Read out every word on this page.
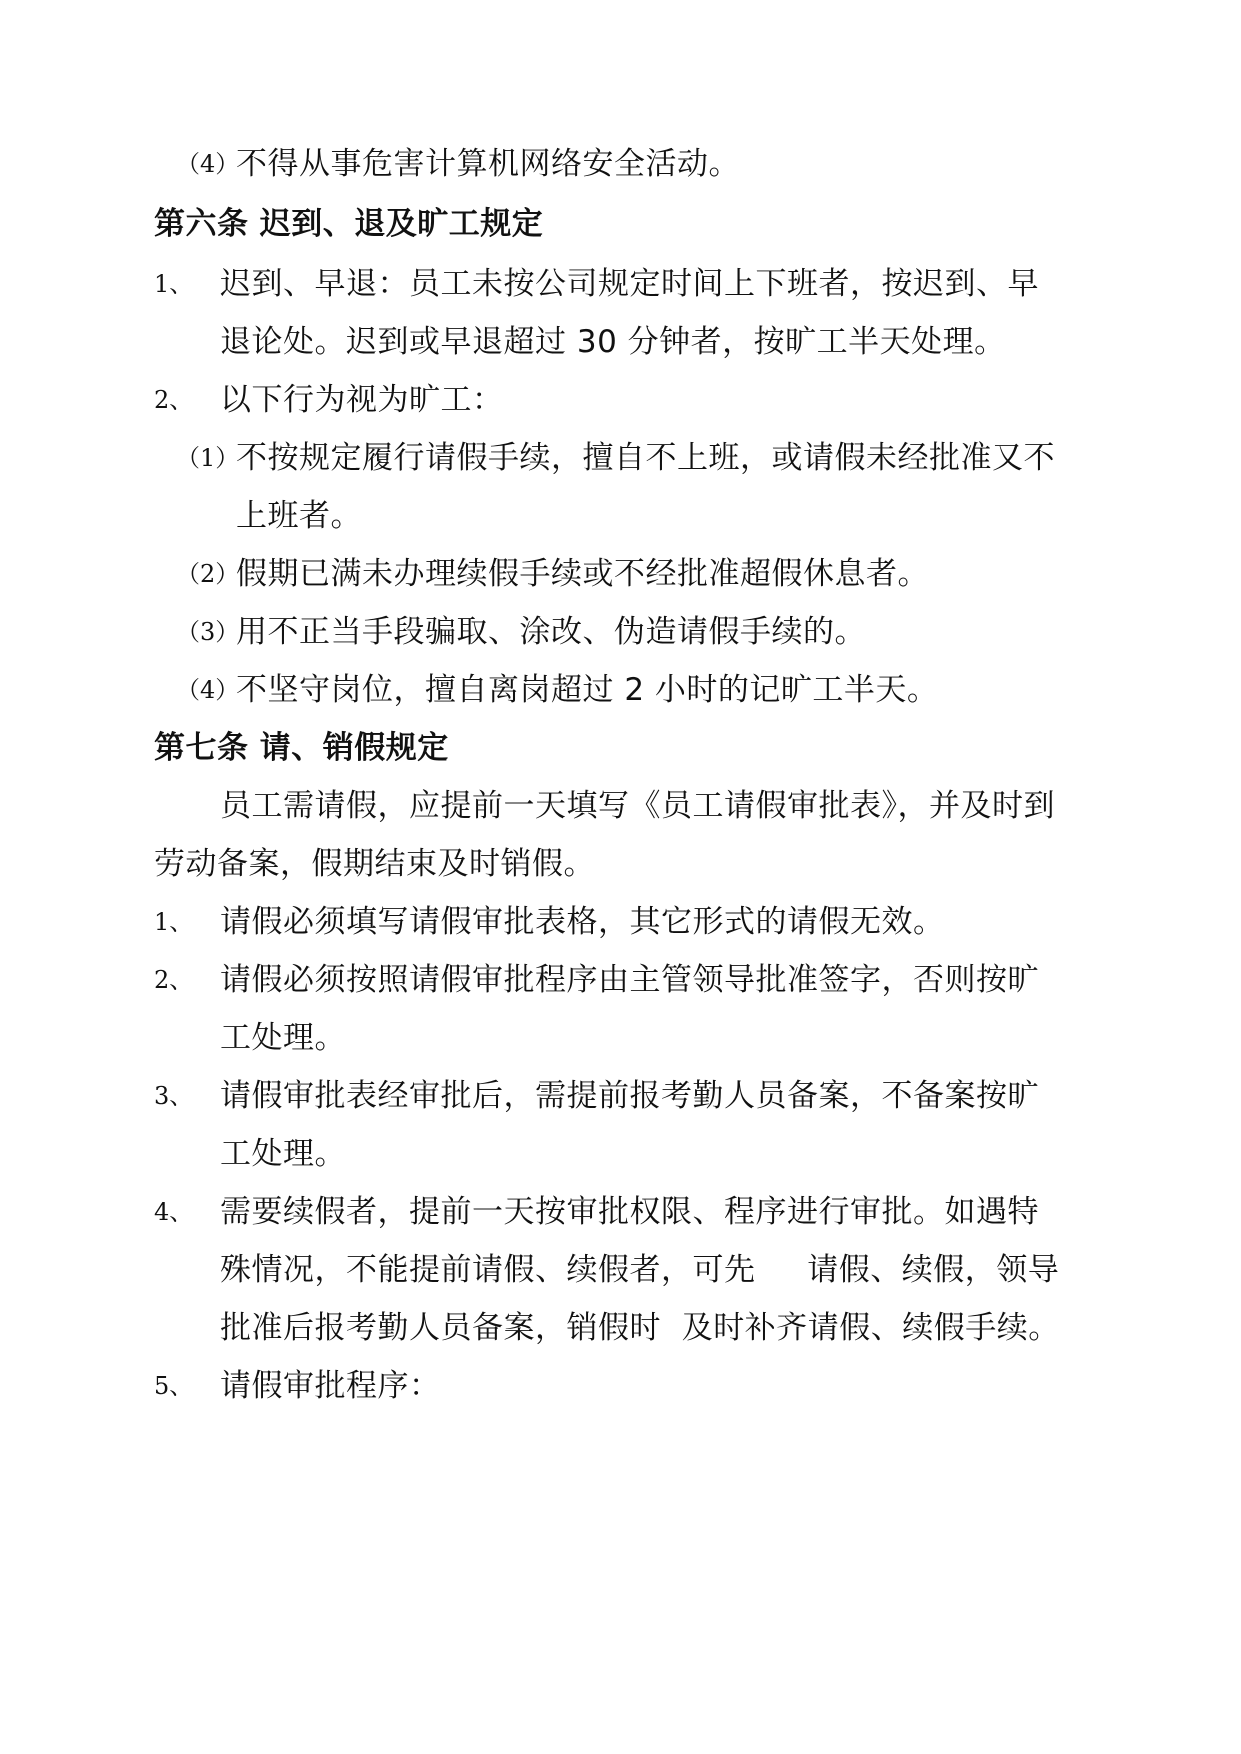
（4）
不得从事危害计算机网络安全活动。
第六条 迟到、退及旷工规定
1、 迟到、早退：员工未按公司规定时间上下班者，按迟到、早
退论处。迟到或早退超过 30 分钟者，按旷工半天处理。
2、 以下行为视为旷工：
（1）
不按规定履行请假手续，擅自不上班，或请假未经批准又不
上班者。
（2）
假期已满未办理续假手续或不经批准超假休息者。
（3）
用不正当手段骗取、涂改、伪造请假手续的。
（4）
不坚守岗位，擅自离岗超过 2 小时的记旷工半天。
第七条 请、销假规定
员工需请假，应提前一天填写《员工请假审批表》，并及时到
劳动备案，假期结束及时销假。
1、 请假必须填写请假审批表格，其它形式的请假无效。
2、 请假必须按照请假审批程序由主管领导批准签字，否则按旷
工处理。
3、 请假审批表经审批后，需提前报考勤人员备案，不备案按旷
工处理。
4、 需要续假者，提前一天按审批权限、程序进行审批。如遇特
殊情况，不能提前请假、续假者，可先     请假、续假，领导
批准后报考勤人员备案，销假时  及时补齐请假、续假手续。
5、 请假审批程序：
